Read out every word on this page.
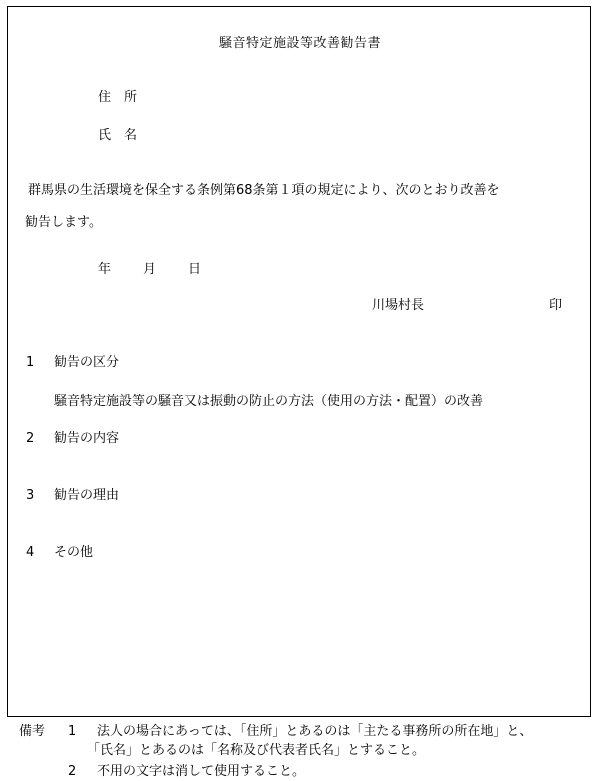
騒音特定施設等改善勧告書
住　所
氏　名
群馬県の生活環境を保全する条例第68条第１項の規定により、次のとおり改善を
勧告します。
年 月 日
川場村長	印
1 勧告の区分
騒音特定施設等の騒音又は振動の防止の方法（使用の方法・配置）の改善
2 勧告の内容
3 勧告の理由
4 その他
備考 1 法人の場合にあっては、「住所」とあるのは「主たる事務所の所在地」と、
「氏名」とあるのは「名称及び代表者氏名」とすること。
2 不用の文字は消して使用すること。
